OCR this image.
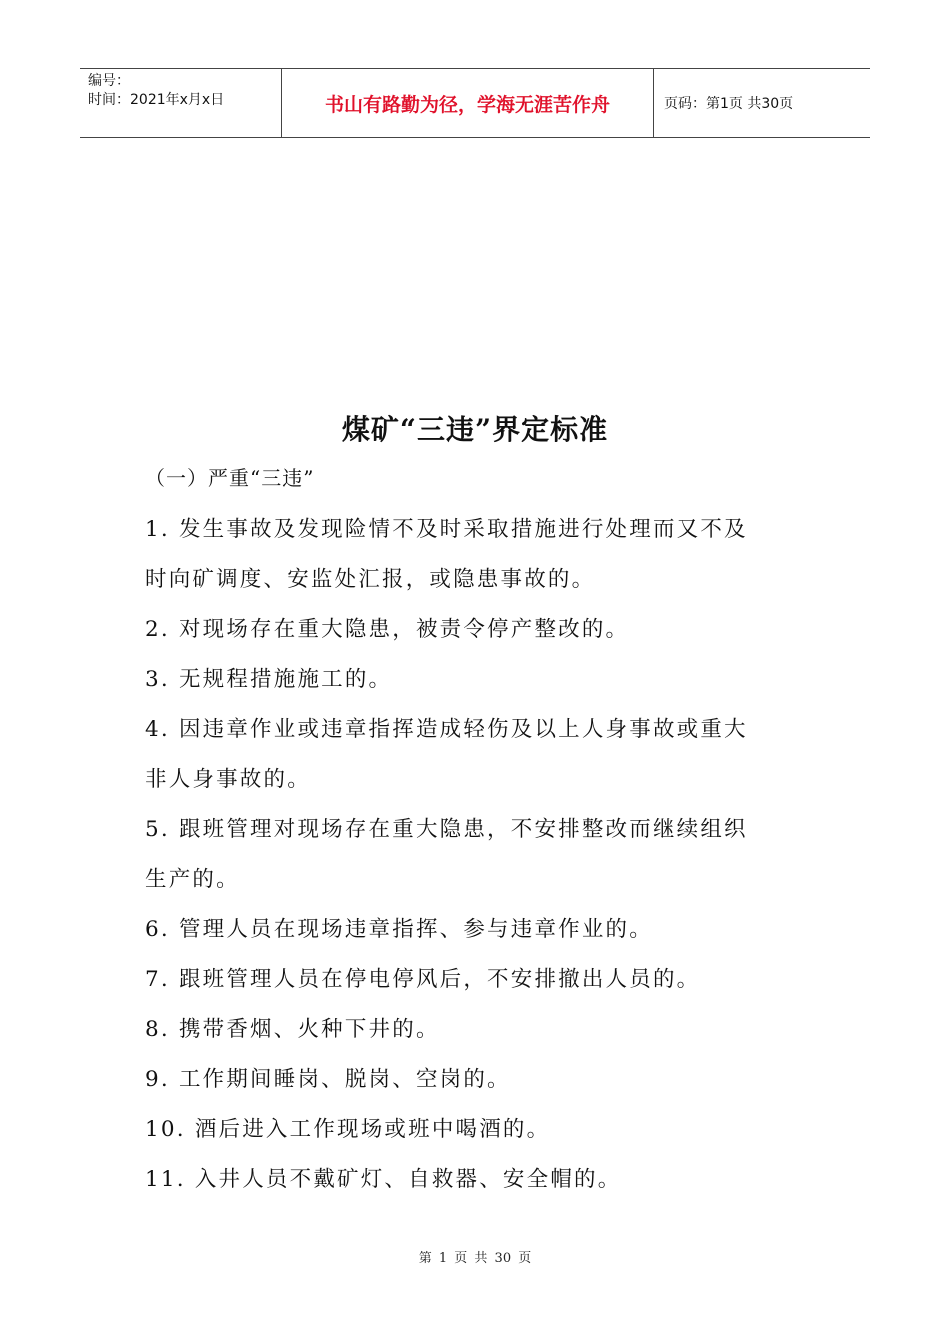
编号：
时间：2021年x月x日	书山有路勤为径，学海无涯苦作舟	页码：第1页 共30页
煤矿“三违”界定标准
（一）严重“三违”
1. 发生事故及发现险情不及时采取措施进行处理而又不及
时向矿调度、安监处汇报，或隐患事故的。
2. 对现场存在重大隐患，被责令停产整改的。
3. 无规程措施施工的。
4. 因违章作业或违章指挥造成轻伤及以上人身事故或重大
非人身事故的。
5. 跟班管理对现场存在重大隐患，不安排整改而继续组织
生产的。
6. 管理人员在现场违章指挥、参与违章作业的。
7. 跟班管理人员在停电停风后，不安排撤出人员的。
8. 携带香烟、火种下井的。
9. 工作期间睡岗、脱岗、空岗的。
10. 酒后进入工作现场或班中喝酒的。
11. 入井人员不戴矿灯、自救器、安全帽的。
第 1 页 共 30 页
